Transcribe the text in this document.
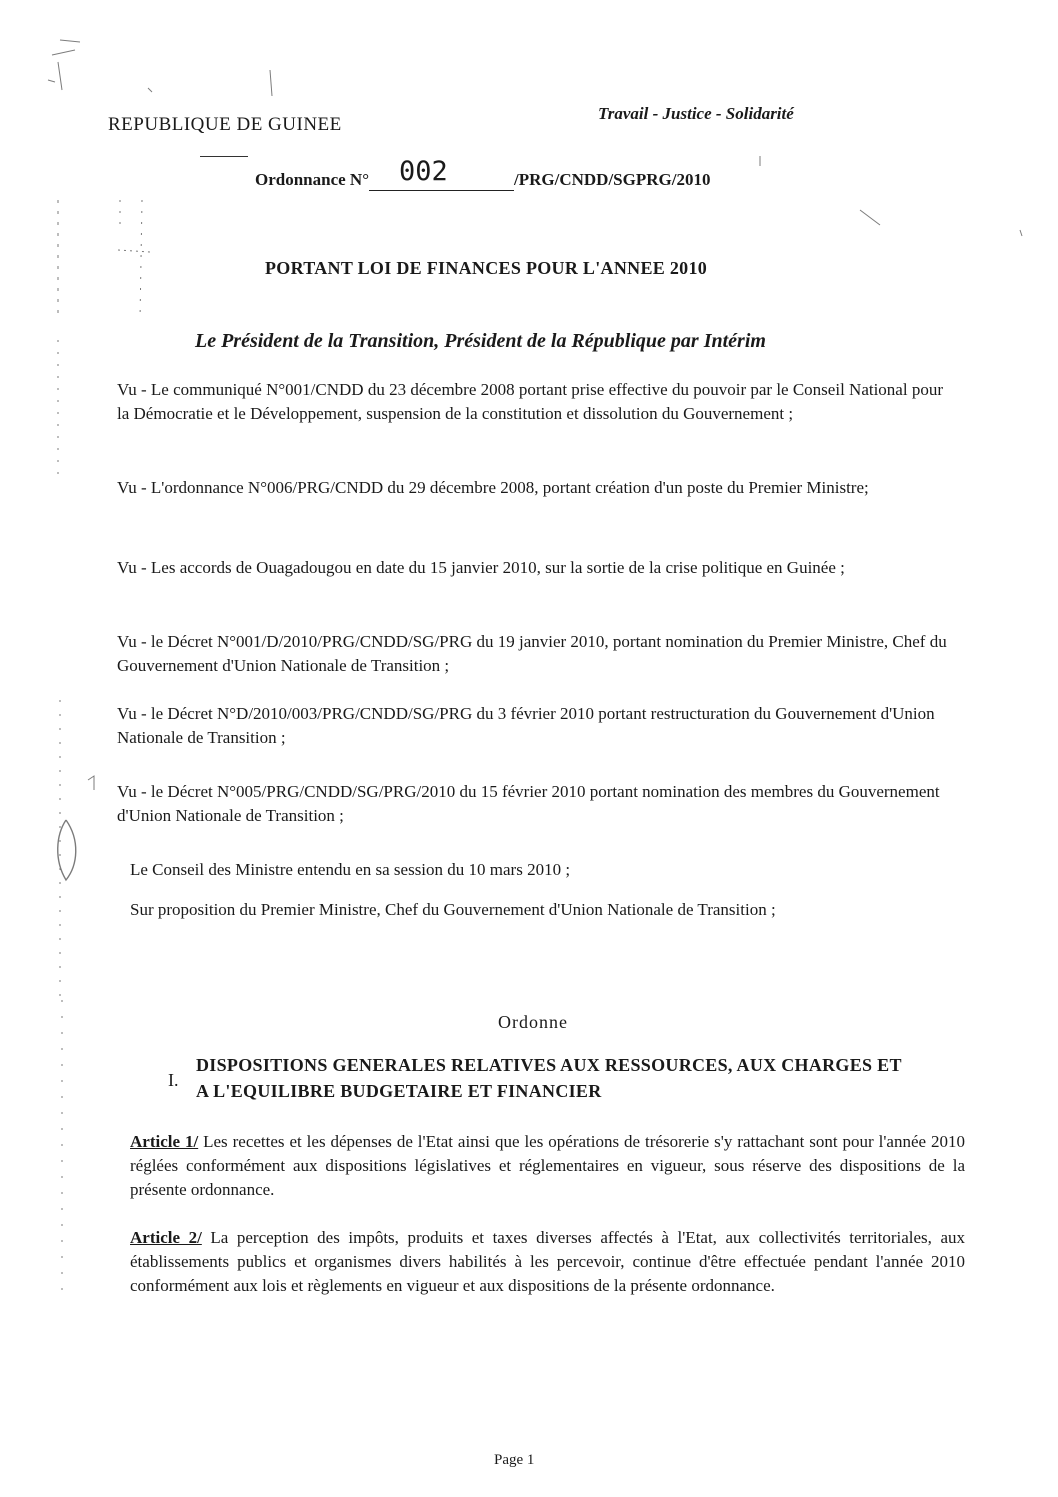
REPUBLIQUE DE GUINEE
Travail - Justice - Solidarité
Ordonnance N° 002	/PRG/CNDD/SGPRG/2010
PORTANT LOI DE FINANCES POUR L'ANNEE 2010
Le Président de la Transition, Président de la République par Intérim
Vu - Le communiqué N°001/CNDD du 23 décembre 2008 portant prise effective du pouvoir par le Conseil National pour la Démocratie et le Développement, suspension de la constitution et dissolution du Gouvernement ;
Vu - L'ordonnance N°006/PRG/CNDD du 29 décembre 2008, portant création d'un poste du Premier Ministre;
Vu - Les accords de Ouagadougou en date du 15 janvier 2010, sur la sortie de la crise politique en Guinée ;
Vu - le Décret N°001/D/2010/PRG/CNDD/SG/PRG du 19 janvier 2010, portant nomination du Premier Ministre, Chef du Gouvernement d'Union Nationale de Transition ;
Vu - le Décret N°D/2010/003/PRG/CNDD/SG/PRG du 3 février 2010 portant restructuration du Gouvernement d'Union Nationale de Transition ;
Vu - le Décret N°005/PRG/CNDD/SG/PRG/2010 du 15 février 2010 portant nomination des membres du Gouvernement d'Union Nationale de Transition ;
Le Conseil des Ministre entendu en sa session du 10 mars 2010 ;
Sur proposition du Premier Ministre, Chef du Gouvernement d'Union Nationale de Transition ;
Ordonne
I.
DISPOSITIONS GENERALES RELATIVES AUX RESSOURCES, AUX CHARGES ET A L'EQUILIBRE BUDGETAIRE ET FINANCIER
Article 1/ Les recettes et les dépenses de l'Etat ainsi que les opérations de trésorerie s'y rattachant sont pour l'année 2010 réglées conformément aux dispositions législatives et réglementaires en vigueur, sous réserve des dispositions de la présente ordonnance.
Article 2/ La perception des impôts, produits et taxes diverses affectés à l'Etat, aux collectivités territoriales, aux établissements publics et organismes divers habilités à les percevoir, continue d'être effectuée pendant l'année 2010 conformément aux lois et règlements en vigueur et aux dispositions de la présente ordonnance.
Page 1
